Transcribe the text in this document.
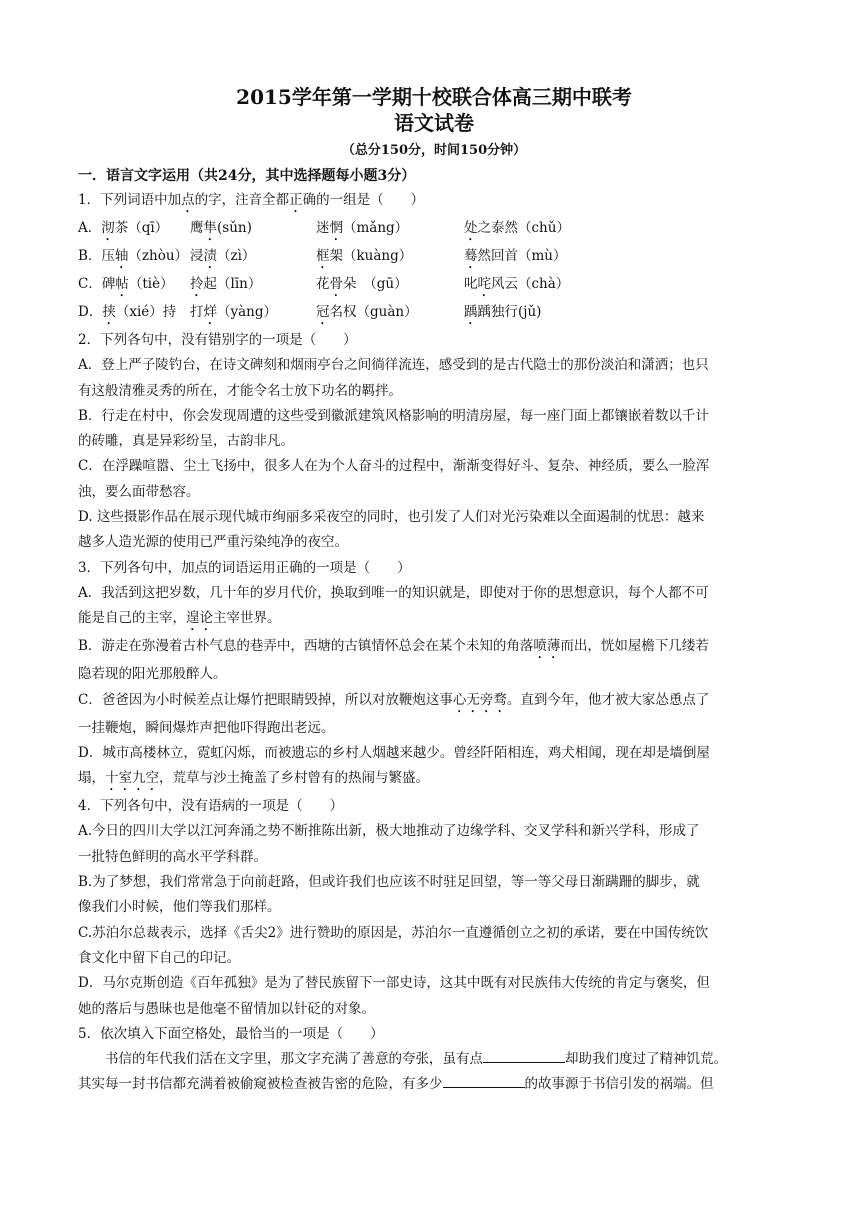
2015学年第一学期十校联合体高三期中联考
语文试卷
（总分150分，时间150分钟）
一．语言文字运用（共24分，其中选择题每小题3分）
1．下列词语中加点的字，注音全都正确的一组是（　　）
A．沏茶（qī）	鹰隼(sǔn)	迷惘（mǎng）	处之泰然（chǔ）
B．压轴（zhòu） 浸渍（zì）	框架（kuàng）	蓦然回首（mù）
C．碑帖（tiè）	拎起（līn）	花骨朵　（gū）	叱咤风云（chà）
D．挟（xié）持	打烊（yàng）	冠名权（guàn）	踽踽独行(jǔ)
2．下列各句中，没有错别字的一项是（　　）
A．登上严子陵钓台，在诗文碑刻和烟雨亭台之间徜徉流连，感受到的是古代隐士的那份淡泊和潇洒；也只
有这般清雅灵秀的所在，才能令名士放下功名的羁拌。
B．行走在村中，你会发现周遭的这些受到徽派建筑风格影响的明清房屋，每一座门面上都镶嵌着数以千计
的砖雕，真是异彩纷呈，古韵非凡。
C．在浮躁喧嚣、尘土飞扬中，很多人在为个人奋斗的过程中，渐渐变得好斗、复杂、神经质，要么一脸浑
浊，要么面带愁容。
D. 这些摄影作品在展示现代城市绚丽多采夜空的同时，也引发了人们对光污染难以全面遏制的忧思：越来
越多人造光源的使用已严重污染纯净的夜空。
3．下列各句中，加点的词语运用正确的一项是（　　）
A．我活到这把岁数，几十年的岁月代价，换取到唯一的知识就是，即使对于你的思想意识，每个人都不可
能是自己的主宰，遑论主宰世界。
B．游走在弥漫着古朴气息的巷弄中，西塘的古镇情怀总会在某个未知的角落喷薄而出，恍如屋檐下几缕若
隐若现的阳光那般醉人。
C．爸爸因为小时候差点让爆竹把眼睛毁掉，所以对放鞭炮这事心无旁骛。直到今年，他才被大家怂恿点了
一挂鞭炮，瞬间爆炸声把他吓得跑出老远。
D．城市高楼林立，霓虹闪烁，而被遗忘的乡村人烟越来越少。曾经阡陌相连，鸡犬相闻，现在却是墙倒屋
塌，十室九空，荒草与沙土掩盖了乡村曾有的热闹与繁盛。
4．下列各句中，没有语病的一项是（　　）
A.今日的四川大学以江河奔涌之势不断推陈出新，极大地推动了边缘学科、交叉学科和新兴学科，形成了
一批特色鲜明的高水平学科群。
B.为了梦想，我们常常急于向前赶路，但或许我们也应该不时驻足回望，等一等父母日渐蹒跚的脚步，就
像我们小时候，他们等我们那样。
C.苏泊尔总裁表示，选择《舌尖2》进行赞助的原因是，苏泊尔一直遵循创立之初的承诺，要在中国传统饮
食文化中留下自己的印记。
D．马尔克斯创造《百年孤独》是为了替民族留下一部史诗，这其中既有对民族伟大传统的肯定与褒奖，但
她的落后与愚昧也是他毫不留情加以针砭的对象。
5．依次填入下面空格处，最恰当的一项是（　　）
书信的年代我们活在文字里，那文字充满了善意的夸张，虽有点	却助我们度过了精神饥荒。
其实每一封书信都充满着被偷窥被检查被告密的危险，有多少	的故事源于书信引发的祸端。但
